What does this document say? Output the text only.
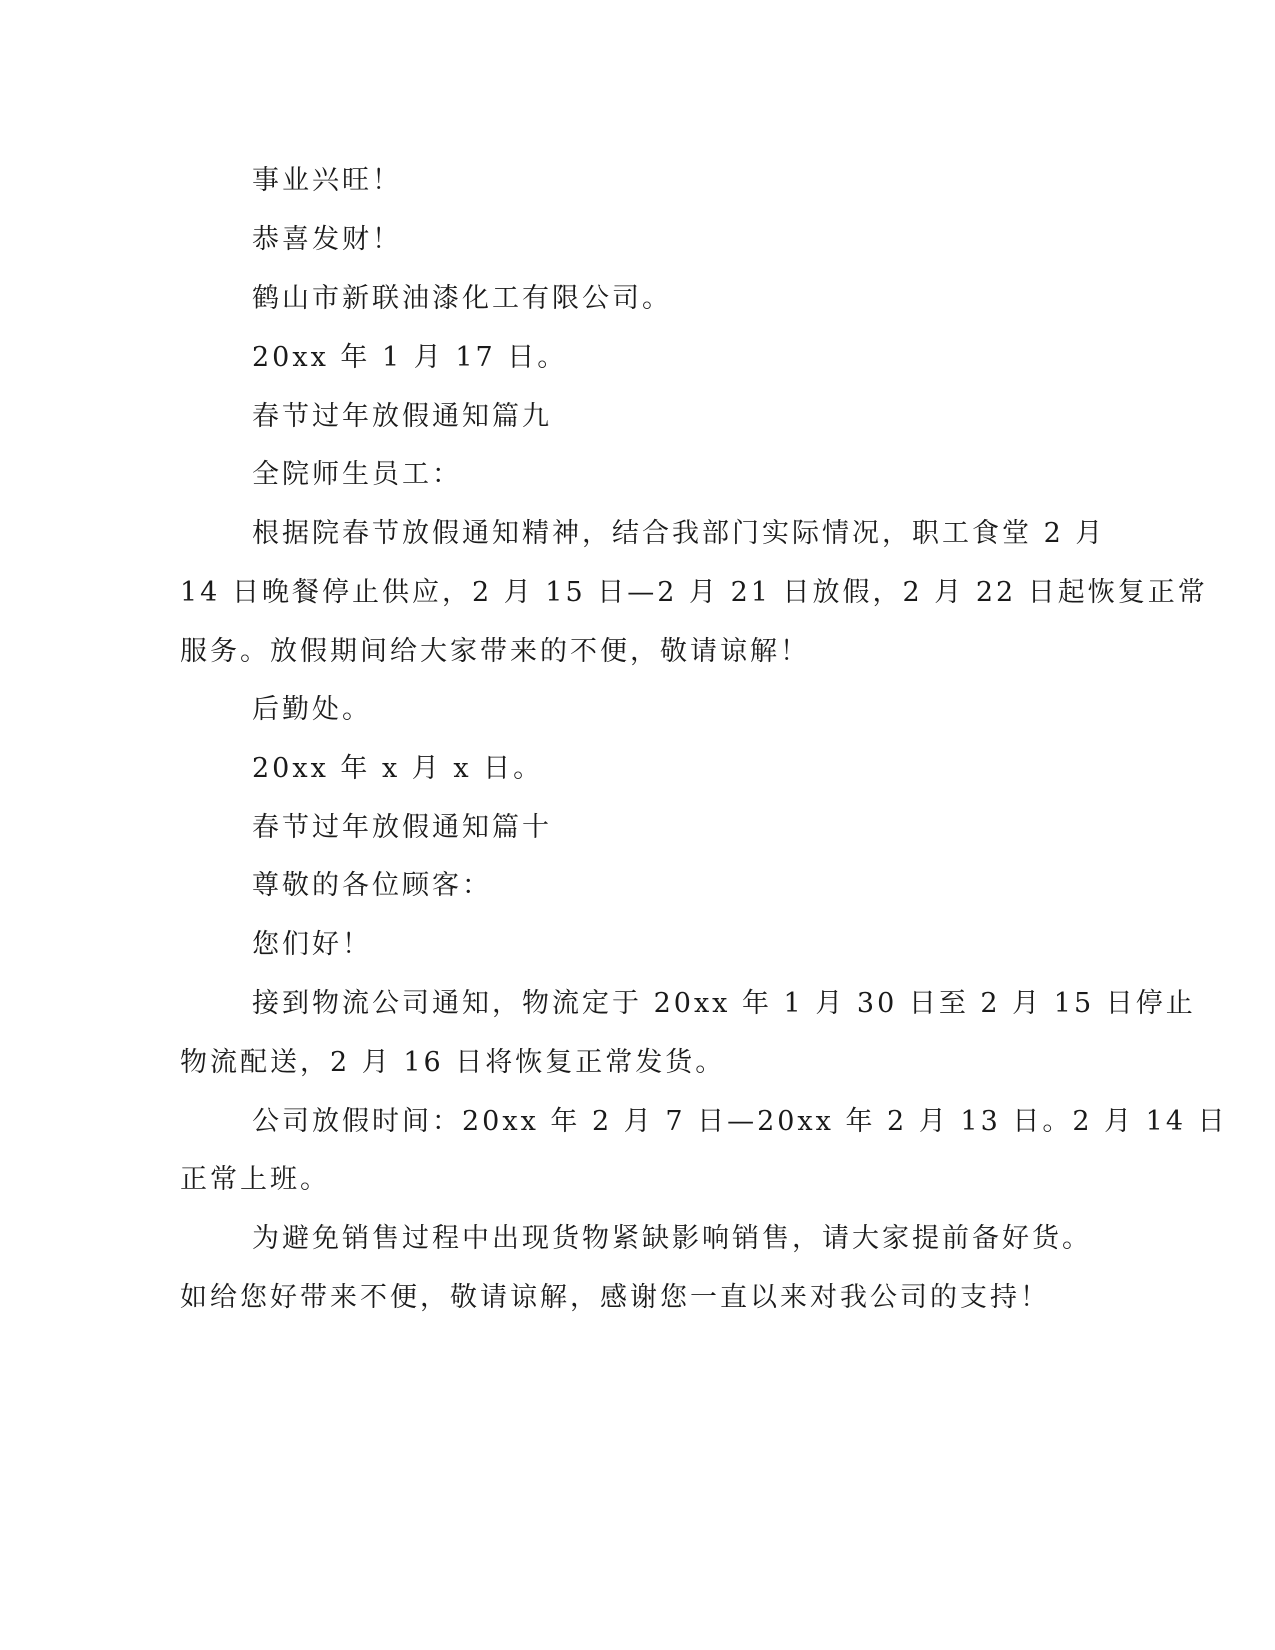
事业兴旺！
恭喜发财！
鹤山市新联油漆化工有限公司。
20xx 年 1 月 17 日。
春节过年放假通知篇九
全院师生员工：
根据院春节放假通知精神，结合我部门实际情况，职工食堂 2 月
14 日晚餐停止供应，2 月 15 日—2 月 21 日放假，2 月 22 日起恢复正常
服务。放假期间给大家带来的不便，敬请谅解！
后勤处。
20xx 年 x 月 x 日。
春节过年放假通知篇十
尊敬的各位顾客：
您们好！
接到物流公司通知，物流定于 20xx 年 1 月 30 日至 2 月 15 日停止
物流配送，2 月 16 日将恢复正常发货。
公司放假时间：20xx 年 2 月 7 日—20xx 年 2 月 13 日。2 月 14 日
正常上班。
为避免销售过程中出现货物紧缺影响销售，请大家提前备好货。
如给您好带来不便，敬请谅解，感谢您一直以来对我公司的支持！
